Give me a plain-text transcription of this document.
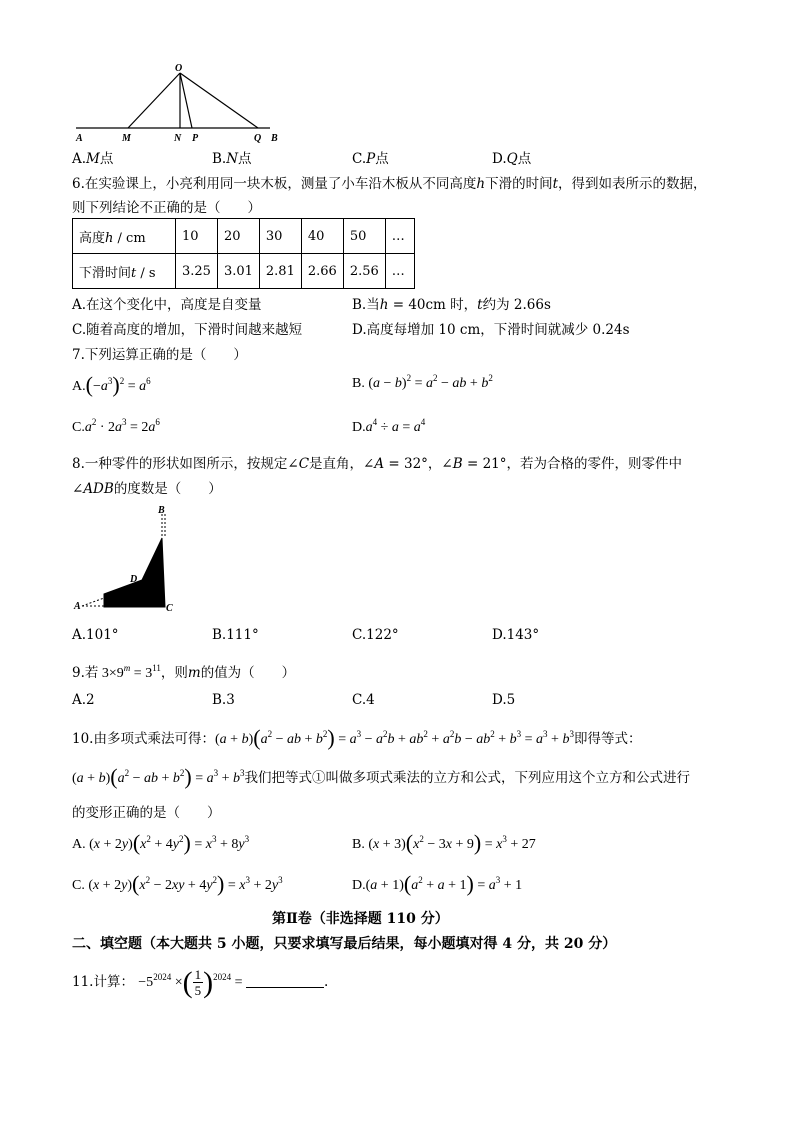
O
A	M	N P	Q B
A.M点	B.N点	C.P点	D.Q点
6.在实验课上，小亮利用同一块木板，测量了小车沿木板从不同高度h下滑的时间t，得到如表所示的数据，
则下列结论不正确的是（　　）
高度h / cm	10	20	30	40	50	…
下滑时间t / s	3.25	3.01	2.81	2.66	2.56	…
A.在这个变化中，高度是自变量	B.当h = 40cm 时，t约为 2.66s
C.随着高度的增加，下滑时间越来越短	D.高度每增加 10 cm，下滑时间就减少 0.24s
7.下列运算正确的是（　　）
$A.(-a^3)^2 = a^6$	B. $(a - b)^2 = a^2$ − ab + $b^2$
$C.a^2 \cdot 2a^3 = 2a^6$	$D.a^4 \div a = a^4$
8.一种零件的形状如图所示，按规定∠C是直角，∠A = 32°，∠B = 21°，若为合格的零件，则零件中
∠ADB的度数是（　　）
B
D
A	C
A.101°	B.111°	C.122°	D.143°
9.若 $3\times 9^m = 3^{11}$，则m的值为（　　）
A.2	B.3	C.4	D.5
10.由多项式乘法可得：$(a + b)(a^2$ − ab + $b^2) = a^3 - a^2b + ab^2 + a^2b - ab^2 + b^3 = a^3 + b^3$即得等式：
$(a + b)(a^2$ − ab + $b^2) = a^3 + b^3$我们把等式①叫做多项式乘法的立方和公式，下列应用这个立方和公式进行
的变形正确的是（　　）
A. $(x + 2y)(x^2 + 4y^2) = x^3 + 8y^3$	B. $(x + 3)(x^2 - 3x + 9) = x^3 + 27$
C. $(x + 2y)(x^2 - 2xy + 4y^2) = x^3 + 2y^3$	$D.(a + 1)(a^2 + a + 1) = a^3 + 1$
第Ⅱ卷（非选择题 110 分）
二、填空题（本大题共 5 小题，只要求填写最后结果，每小题填对得 4 分，共 20 分）
11.计算： $-5^{2024}$ ×( $\frac{1}{5} )^{2024}$ =	.
